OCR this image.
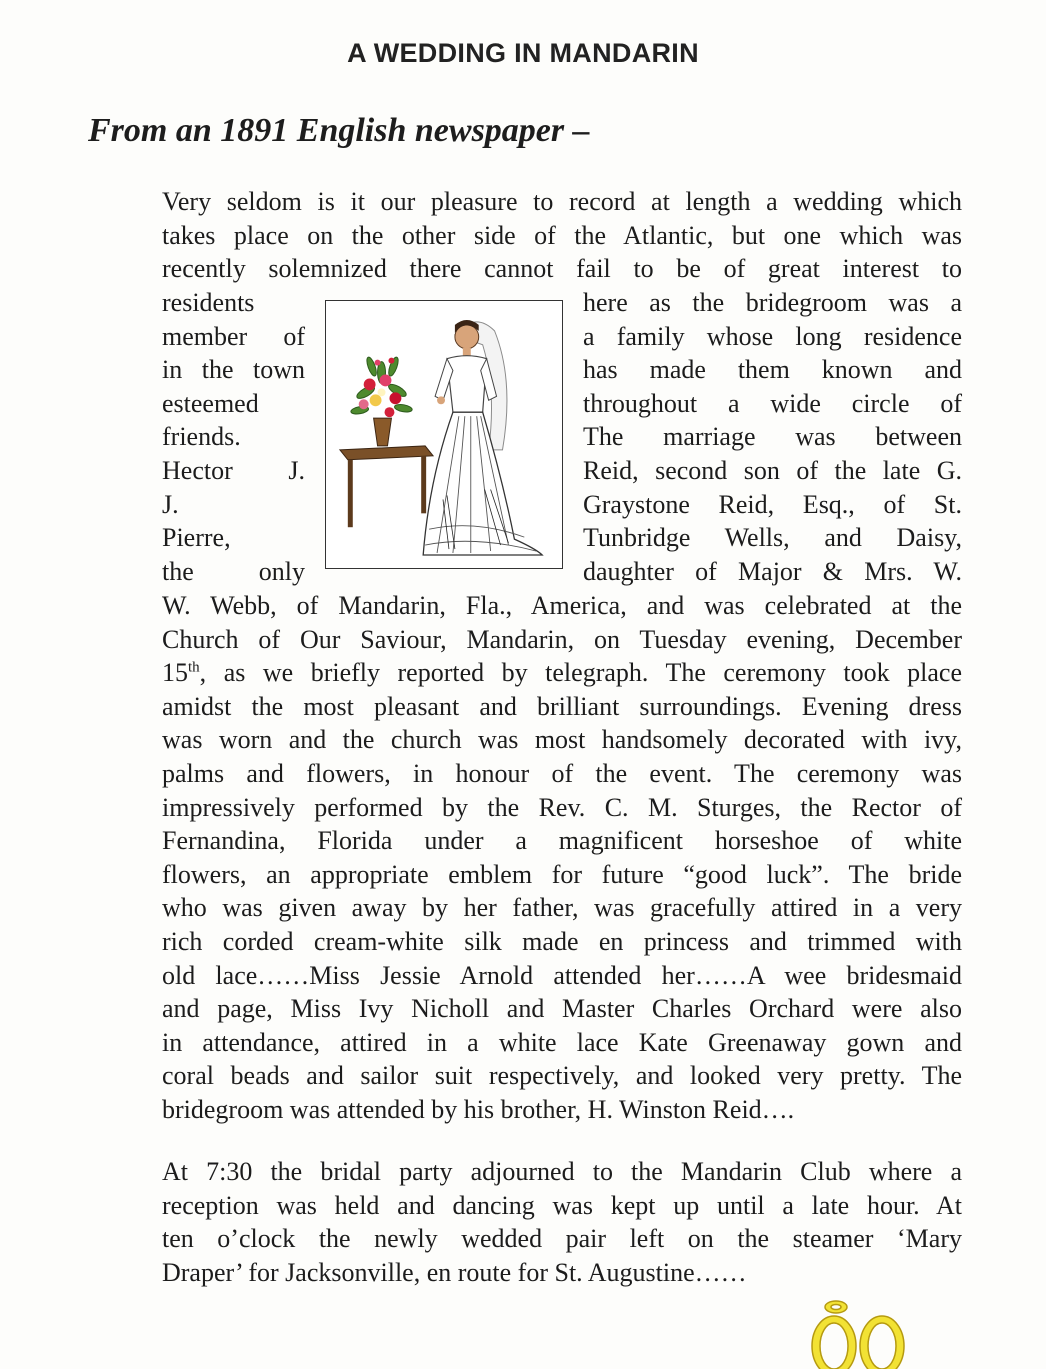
A WEDDING IN MANDARIN
From an 1891 English newspaper –
Very seldom is it our pleasure to record at length a wedding which
takes place on the other side of the Atlantic, but one which was
recently solemnized there cannot fail to be of great interest to
residents
member of
in the town
esteemed
friends.
Hector J.
J.
Pierre,
the only
here as the bridegroom was a
a family whose long residence
has made them known and
throughout a wide circle of
The marriage was between
Reid, second son of the late G.
Graystone Reid, Esq., of St.
Tunbridge Wells, and Daisy,
daughter of Major & Mrs. W.
W. Webb, of Mandarin, Fla., America, and was celebrated at the
Church of Our Saviour, Mandarin, on Tuesday evening, December
15th, as we briefly reported by telegraph. The ceremony took place
amidst the most pleasant and brilliant surroundings. Evening dress
was worn and the church was most handsomely decorated with ivy,
palms and flowers, in honour of the event. The ceremony was
impressively performed by the Rev. C. M. Sturges, the Rector of
Fernandina, Florida under a magnificent horseshoe of white
flowers, an appropriate emblem for future “good luck”. The bride
who was given away by her father, was gracefully attired in a very
rich corded cream-white silk made en princess and trimmed with
old lace……Miss Jessie Arnold attended her……A wee bridesmaid
and page, Miss Ivy Nicholl and Master Charles Orchard were also
in attendance, attired in a white lace Kate Greenaway gown and
coral beads and sailor suit respectively, and looked very pretty. The
bridegroom was attended by his brother, H. Winston Reid….
At 7:30 the bridal party adjourned to the Mandarin Club where a
reception was held and dancing was kept up until a late hour. At
ten o’clock the newly wedded pair left on the steamer ‘Mary
Draper’ for Jacksonville, en route for St. Augustine……
